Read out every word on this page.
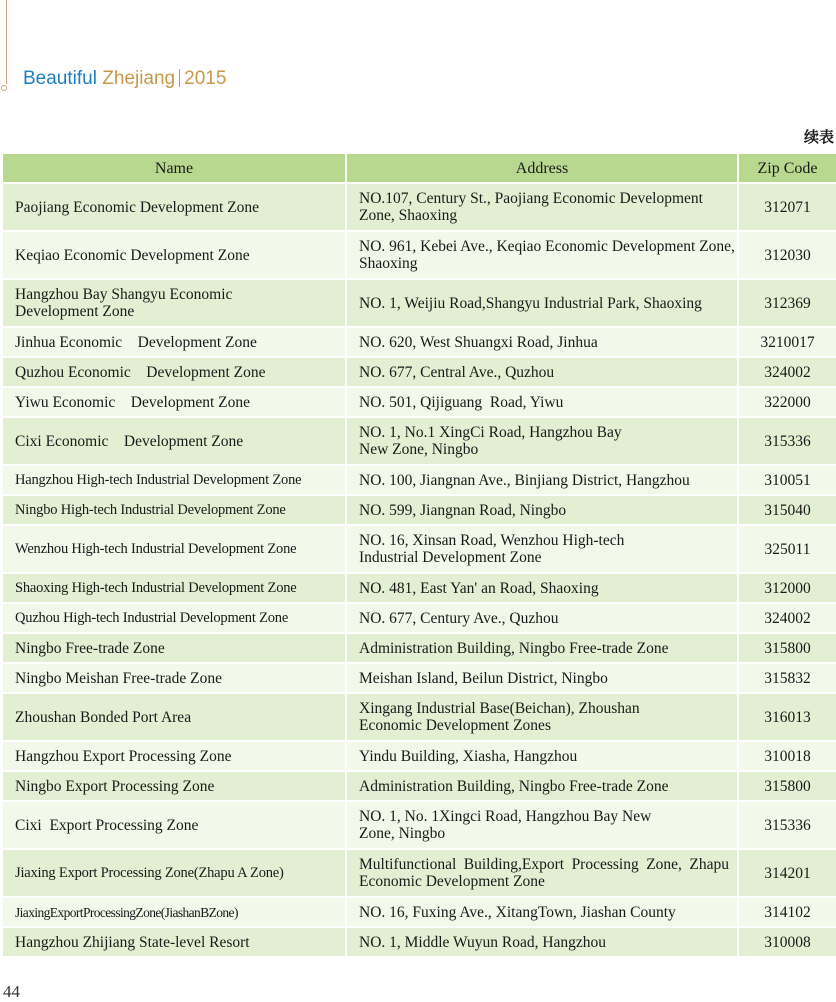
Beautiful Zhejiang 2015
续表
Name	Address	Zip Code
Paojiang Economic Development Zone	NO.107, Century St., Paojiang Economic Development Zone, Shaoxing	312071
Keqiao Economic Development Zone	NO. 961, Kebei Ave., Keqiao Economic Development Zone, Shaoxing	312030
Hangzhou Bay Shangyu Economic Development Zone	NO. 1, Weijiu Road,Shangyu Industrial Park, Shaoxing	312369
Jinhua Economic    Development Zone	NO. 620, West Shuangxi Road, Jinhua	3210017
Quzhou Economic    Development Zone	NO. 677, Central Ave., Quzhou	324002
Yiwu Economic    Development Zone	NO. 501, Qijiguang  Road, Yiwu	322000
Cixi Economic    Development Zone	NO. 1, No.1 XingCi Road, Hangzhou Bay New Zone, Ningbo	315336
Hangzhou High-tech Industrial Development Zone	NO. 100, Jiangnan Ave., Binjiang District, Hangzhou	310051
Ningbo High-tech Industrial Development Zone	NO. 599, Jiangnan Road, Ningbo	315040
Wenzhou High-tech Industrial Development Zone	NO. 16, Xinsan Road, Wenzhou High-tech Industrial Development Zone	325011
Shaoxing High-tech Industrial Development Zone	NO. 481, East Yan' an Road, Shaoxing	312000
Quzhou High-tech Industrial Development Zone	NO. 677, Century Ave., Quzhou	324002
Ningbo Free-trade Zone	Administration Building, Ningbo Free-trade Zone	315800
Ningbo Meishan Free-trade Zone	Meishan Island, Beilun District, Ningbo	315832
Zhoushan Bonded Port Area	Xingang Industrial Base(Beichan), Zhoushan Economic Development Zones	316013
Hangzhou Export Processing Zone	Yindu Building, Xiasha, Hangzhou	310018
Ningbo Export Processing Zone	Administration Building, Ningbo Free-trade Zone	315800
Cixi  Export Processing Zone	NO. 1, No. 1Xingci Road, Hangzhou Bay New Zone, Ningbo	315336
Jiaxing Export Processing Zone(Zhapu A Zone)	Multifunctional Building,Export Processing Zone, Zhapu Economic Development Zone	314201
JiaxingExportProcessingZone(JiashanBZone)	NO. 16, Fuxing Ave., XitangTown, Jiashan County	314102
Hangzhou Zhijiang State-level Resort	NO. 1, Middle Wuyun Road, Hangzhou	310008
44
